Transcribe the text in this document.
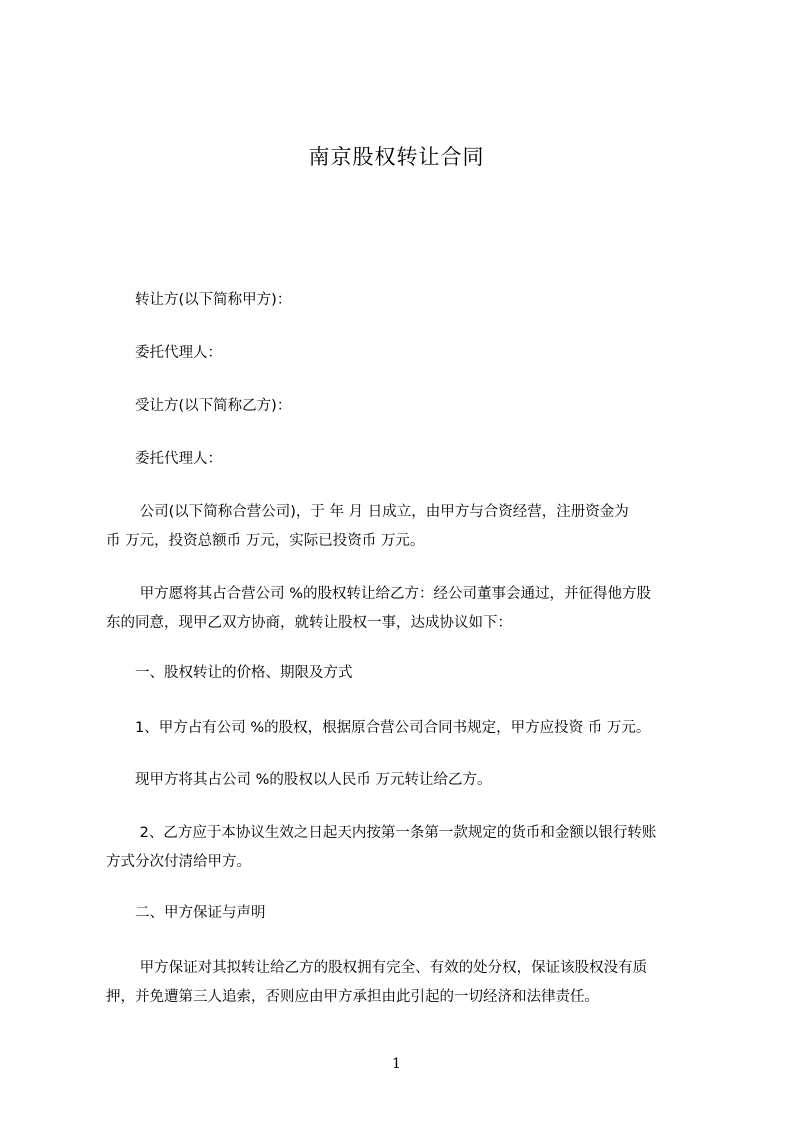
南京股权转让合同
　　转让方(以下简称甲方)：
　　委托代理人：
　　受让方(以下简称乙方)：
　　委托代理人：
　　 公司(以下简称合营公司)，于 年 月 日成立，由甲方与合资经营，注册资金为
币 万元，投资总额币 万元，实际已投资币 万元。
　　 甲方愿将其占合营公司 %的股权转让给乙方：经公司董事会通过，并征得他方股
东的同意，现甲乙双方协商，就转让股权一事，达成协议如下：
　　一、股权转让的价格、期限及方式
　　1、甲方占有公司 %的股权，根据原合营公司合同书规定，甲方应投资 币 万元。
　　现甲方将其占公司 %的股权以人民币 万元转让给乙方。
　　 2、乙方应于本协议生效之日起天内按第一条第一款规定的货币和金额以银行转账
方式分次付清给甲方。
　　二、甲方保证与声明
　　 甲方保证对其拟转让给乙方的股权拥有完全、有效的处分权，保证该股权没有质
押，并免遭第三人追索，否则应由甲方承担由此引起的一切经济和法律责任。
1
